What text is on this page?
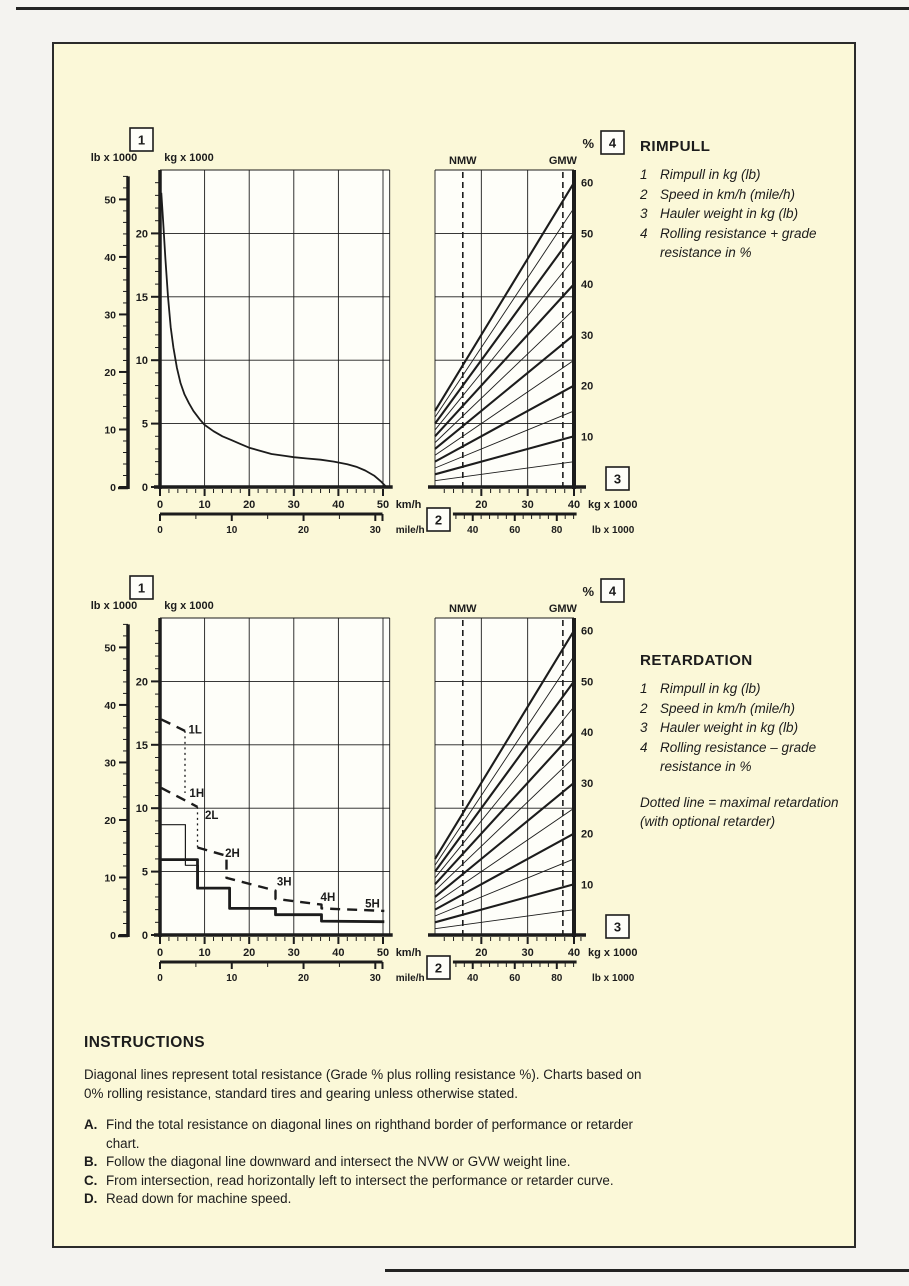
0
5
10
15
20
0
10
20
30
40
50
0	10	20	30	40	50 km/h
0	10	20	30 mile/h
lb x 1000 kg x 1000	NMW	GMW
20	30	40 kg x 1000
40	60	80	lb x 1000
10
20
30
40
50
60
%
1
2
3
4
1L
1H
2L
2H
3H
4H
5H
0
5
10
15
20
0
10
20
30
40
50
0	10	20	30	40	50 km/h
0	10	20	30 mile/h
lb x 1000 kg x 1000	NMW	GMW
20	30	40 kg x 1000
40	60	80	lb x 1000
10
20
30
40
50
60
%
1
2
3
4
RIMPULL
1 Rimpull in kg (lb)
2 Speed in km/h (mile/h)
3 Hauler weight in kg (lb)
4 Rolling resistance + grade resistance in %
RETARDATION
1 Rimpull in kg (lb)
2 Speed in km/h (mile/h)
3 Hauler weight in kg (lb)
4 Rolling resistance – grade resistance in %
Dotted line = maximal retardation (with optional retarder)
INSTRUCTIONS

Diagonal lines represent total resistance (Grade % plus rolling resistance %). Charts based on 0% rolling resistance, standard tires and gearing unless otherwise stated.

A. Find the total resistance on diagonal lines on righthand border of performance or retarder chart.
B. Follow the diagonal line downward and intersect the NVW or GVW weight line.
C. From intersection, read horizontally left to intersect the performance or retarder curve.
D. Read down for machine speed.
